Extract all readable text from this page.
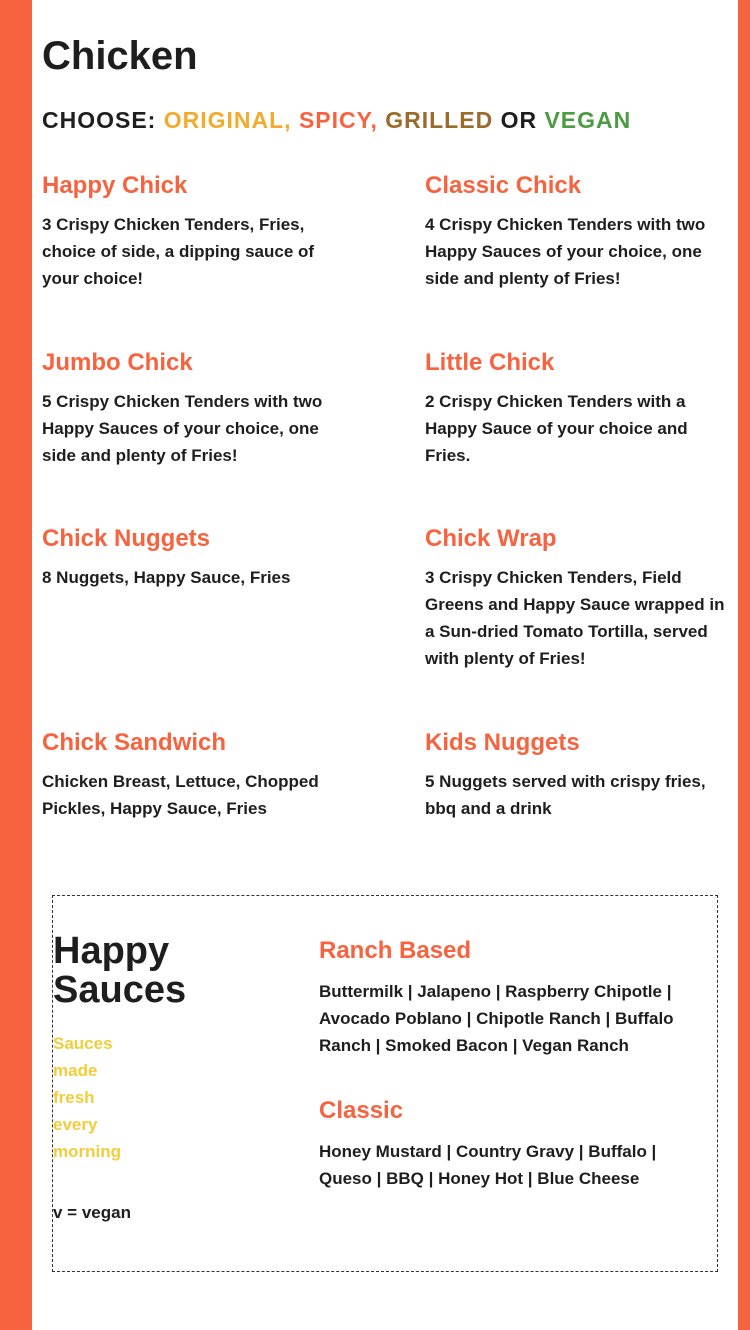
Chicken

CHOOSE: ORIGINAL, SPICY, GRILLED OR VEGAN

Happy Chick

3 Crispy Chicken Tenders, Fries, choice of side, a dipping sauce of your choice!

Classic Chick

4 Crispy Chicken Tenders with two Happy Sauces of your choice, one side and plenty of Fries!

Jumbo Chick

5 Crispy Chicken Tenders with two Happy Sauces of your choice, one side and plenty of Fries!

Little Chick

2 Crispy Chicken Tenders with a Happy Sauce of your choice and Fries.

Chick Nuggets

8 Nuggets, Happy Sauce, Fries

Chick Wrap

3 Crispy Chicken Tenders, Field Greens and Happy Sauce wrapped in a Sun-dried Tomato Tortilla, served with plenty of Fries!

Chick Sandwich

Chicken Breast, Lettuce, Chopped Pickles, Happy Sauce, Fries

Kids Nuggets

5 Nuggets served with crispy fries, bbq and a drink

Happy
Sauces
Sauces made fresh every morning
v = vegan
Ranch Based

Buttermilk | Jalapeno | Raspberry Chipotle | Avocado Poblano | Chipotle Ranch | Buffalo Ranch | Smoked Bacon | Vegan Ranch

Classic

Honey Mustard | Country Gravy | Buffalo | Queso | BBQ | Honey Hot | Blue Cheese
